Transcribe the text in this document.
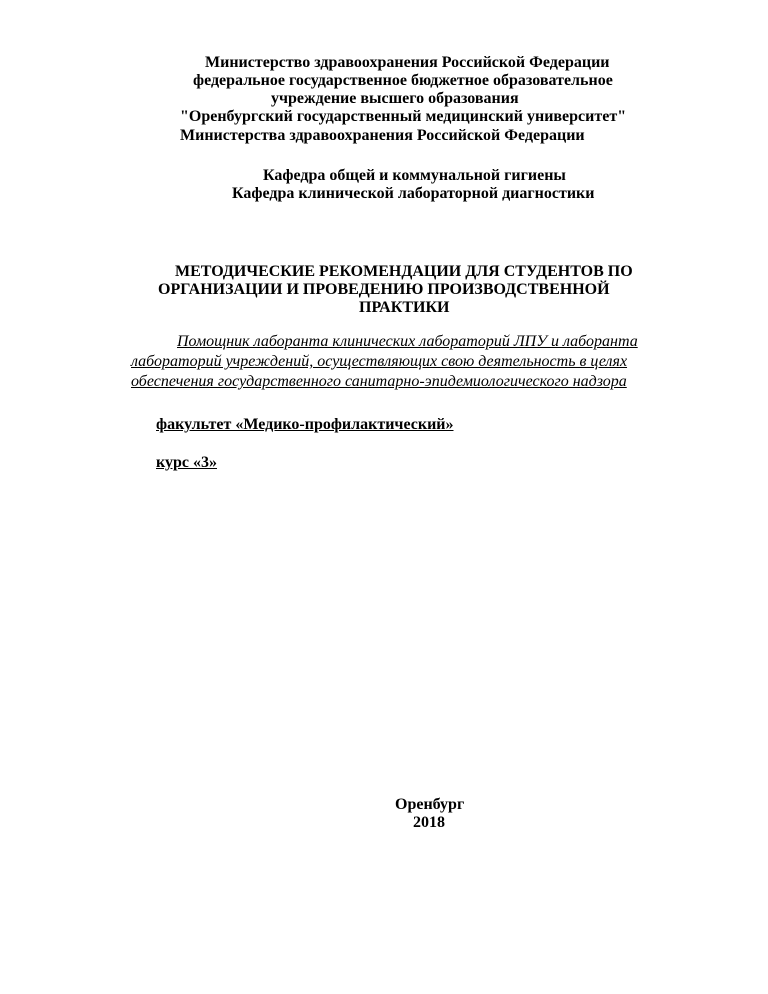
Министерство здравоохранения Российской Федерации
федеральное государственное бюджетное образовательное
учреждение высшего образования
"Оренбургский государственный медицинский университет"
Министерства здравоохранения Российской Федерации
Кафедра общей и коммунальной гигиены
Кафедра клинической лабораторной диагностики
МЕТОДИЧЕСКИЕ РЕКОМЕНДАЦИИ ДЛЯ СТУДЕНТОВ ПО
ОРГАНИЗАЦИИ И ПРОВЕДЕНИЮ ПРОИЗВОДСТВЕННОЙ
ПРАКТИКИ
Помощник лаборанта клинических лабораторий ЛПУ и лаборанта
лабораторий учреждений, осуществляющих свою деятельность в целях
обеспечения государственного санитарно-эпидемиологического надзора
факультет «Медико-профилактический»
курс «3»
Оренбург
2018
